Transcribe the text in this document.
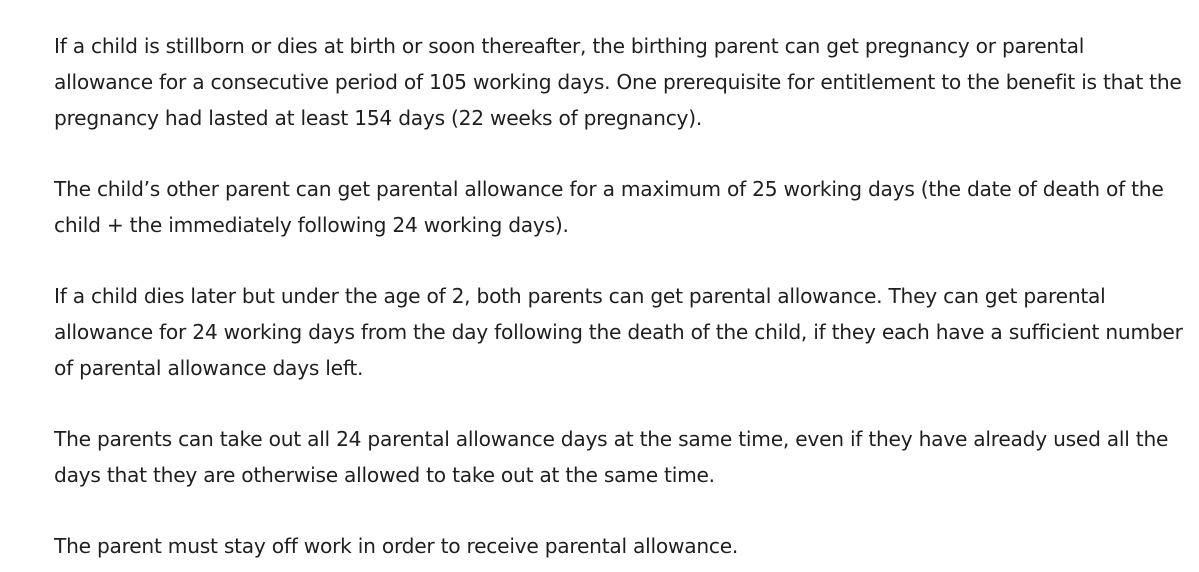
If a child is stillborn or dies at birth or soon thereafter, the birthing parent can get pregnancy or parental allowance for a consecutive period of 105 working days. One prerequisite for entitlement to the benefit is that the pregnancy had lasted at least 154 days (22 weeks of pregnancy).

The child’s other parent can get parental allowance for a maximum of 25 working days (the date of death of the child + the immediately following 24 working days).

If a child dies later but under the age of 2, both parents can get parental allowance. They can get parental allowance for 24 working days from the day following the death of the child, if they each have a sufficient number of parental allowance days left.

The parents can take out all 24 parental allowance days at the same time, even if they have already used all the days that they are otherwise allowed to take out at the same time.

The parent must stay off work in order to receive parental allowance.
